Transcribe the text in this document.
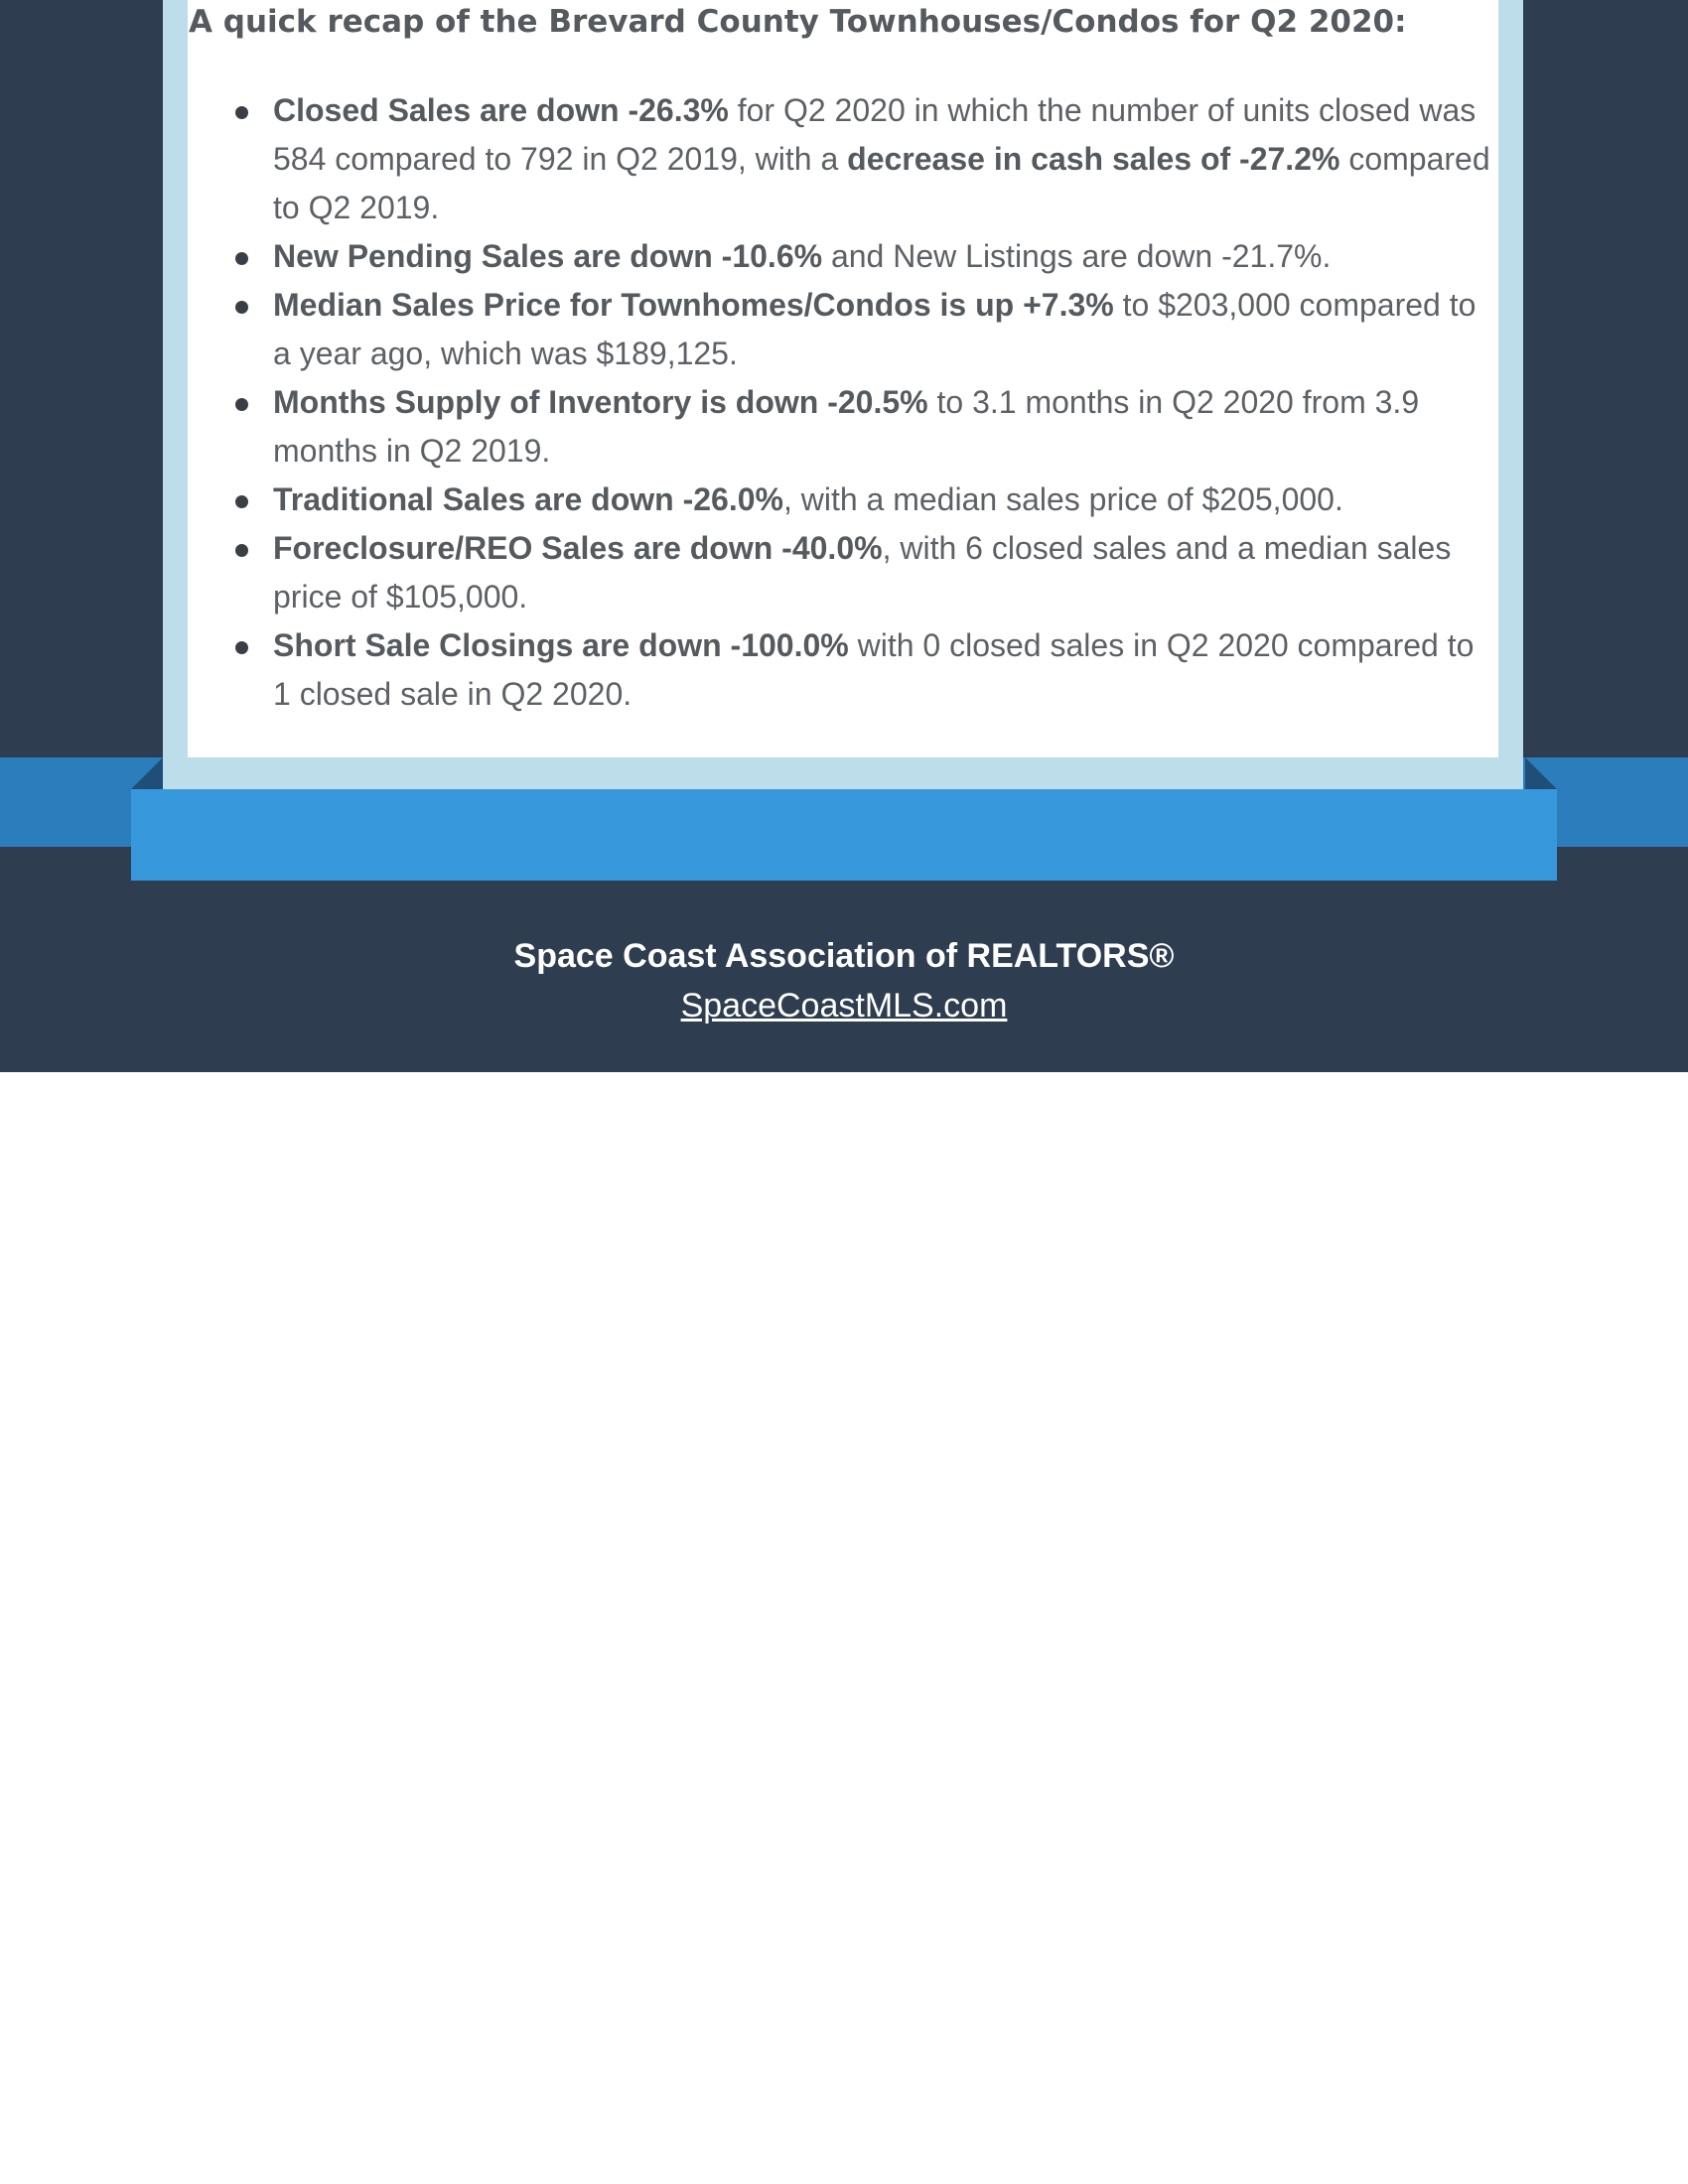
A quick recap of the Brevard County Townhouses/Condos for Q2 2020:
Closed Sales are down -26.3% for Q2 2020 in which the number of units closed was 584 compared to 792 in Q2 2019, with a decrease in cash sales of -27.2% compared to Q2 2019.
New Pending Sales are down -10.6% and New Listings are down -21.7%.
Median Sales Price for Townhomes/Condos is up +7.3% to $203,000 compared to a year ago, which was $189,125.
Months Supply of Inventory is down -20.5% to 3.1 months in Q2 2020 from 3.9 months in Q2 2019.
Traditional Sales are down -26.0%, with a median sales price of $205,000.
Foreclosure/REO Sales are down -40.0%, with 6 closed sales and a median sales price of $105,000.
Short Sale Closings are down -100.0% with 0 closed sales in Q2 2020 compared to 1 closed sale in Q2 2020.
Space Coast Association of REALTORS®
SpaceCoastMLS.com
